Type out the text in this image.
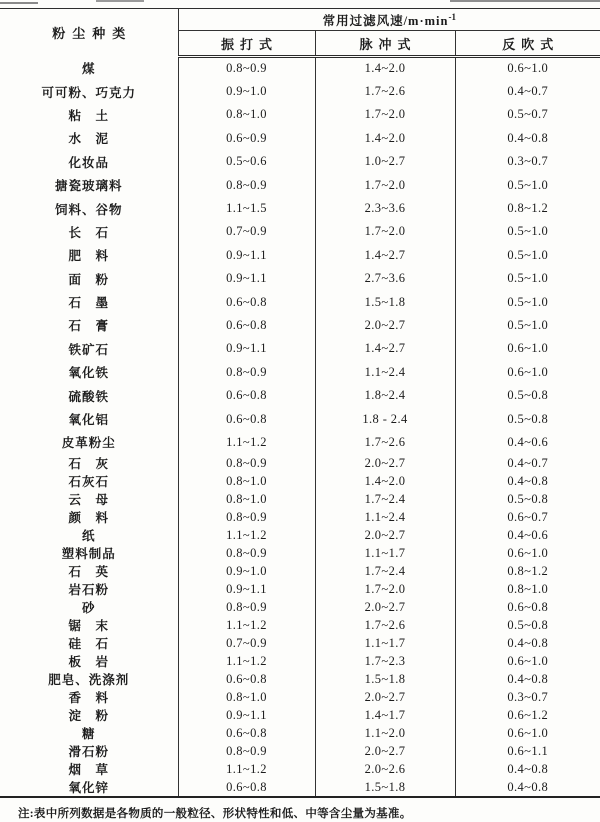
粉尘种类	常用过滤风速$/m\cdot\min^{-1}$
	振打式	脉冲式	反吹式
煤	0.8~0.9	1.4~2.0	0.6~1.0
可可粉、巧克力	0.9~1.0	1.7~2.6	0.4~0.7
粘　土	0.8~1.0	1.7~2.0	0.5~0.7
水　泥	0.6~0.9	1.4~2.0	0.4~0.8
化妆品	0.5~0.6	1.0~2.7	0.3~0.7
搪瓷玻璃料	0.8~0.9	1.7~2.0	0.5~1.0
饲料、谷物	1.1~1.5	2.3~3.6	0.8~1.2
长　石	0.7~0.9	1.7~2.0	0.5~1.0
肥　料	0.9~1.1	1.4~2.7	0.5~1.0
面　粉	0.9~1.1	2.7~3.6	0.5~1.0
石　墨	0.6~0.8	1.5~1.8	0.5~1.0
石　膏	0.6~0.8	2.0~2.7	0.5~1.0
铁矿石	0.9~1.1	1.4~2.7	0.6~1.0
氧化铁	0.8~0.9	1.1~2.4	0.6~1.0
硫酸铁	0.6~0.8	1.8~2.4	0.5~0.8
氧化铝	0.6~0.8	1.8 - 2.4	0.5~0.8
皮革粉尘	1.1~1.2	1.7~2.6	0.4~0.6
石　灰	0.8~0.9	2.0~2.7	0.4~0.7
石灰石	0.8~1.0	1.4~2.0	0.4~0.8
云　母	0.8~1.0	1.7~2.4	0.5~0.8
颜　料	0.8~0.9	1.1~2.4	0.6~0.7
纸	1.1~1.2	2.0~2.7	0.4~0.6
塑料制品	0.8~0.9	1.1~1.7	0.6~1.0
石　英	0.9~1.0	1.7~2.4	0.8~1.2
岩石粉	0.9~1.1	1.7~2.0	0.8~1.0
砂	0.8~0.9	2.0~2.7	0.6~0.8
锯　末	1.1~1.2	1.7~2.6	0.5~0.8
硅　石	0.7~0.9	1.1~1.7	0.4~0.8
板　岩	1.1~1.2	1.7~2.3	0.6~1.0
肥皂、洗涤剂	0.6~0.8	1.5~1.8	0.4~0.8
香　料	0.8~1.0	2.0~2.7	0.3~0.7
淀　粉	0.9~1.1	1.4~1.7	0.6~1.2
糖	0.6~0.8	1.1~2.0	0.6~1.0
滑石粉	0.8~0.9	2.0~2.7	0.6~1.1
烟　草	1.1~1.2	2.0~2.6	0.4~0.8
氧化锌	0.6~0.8	1.5~1.8	0.4~0.8
注:表中所列数据是各物质的一般粒径、形状特性和低、中等含尘量为基准。
